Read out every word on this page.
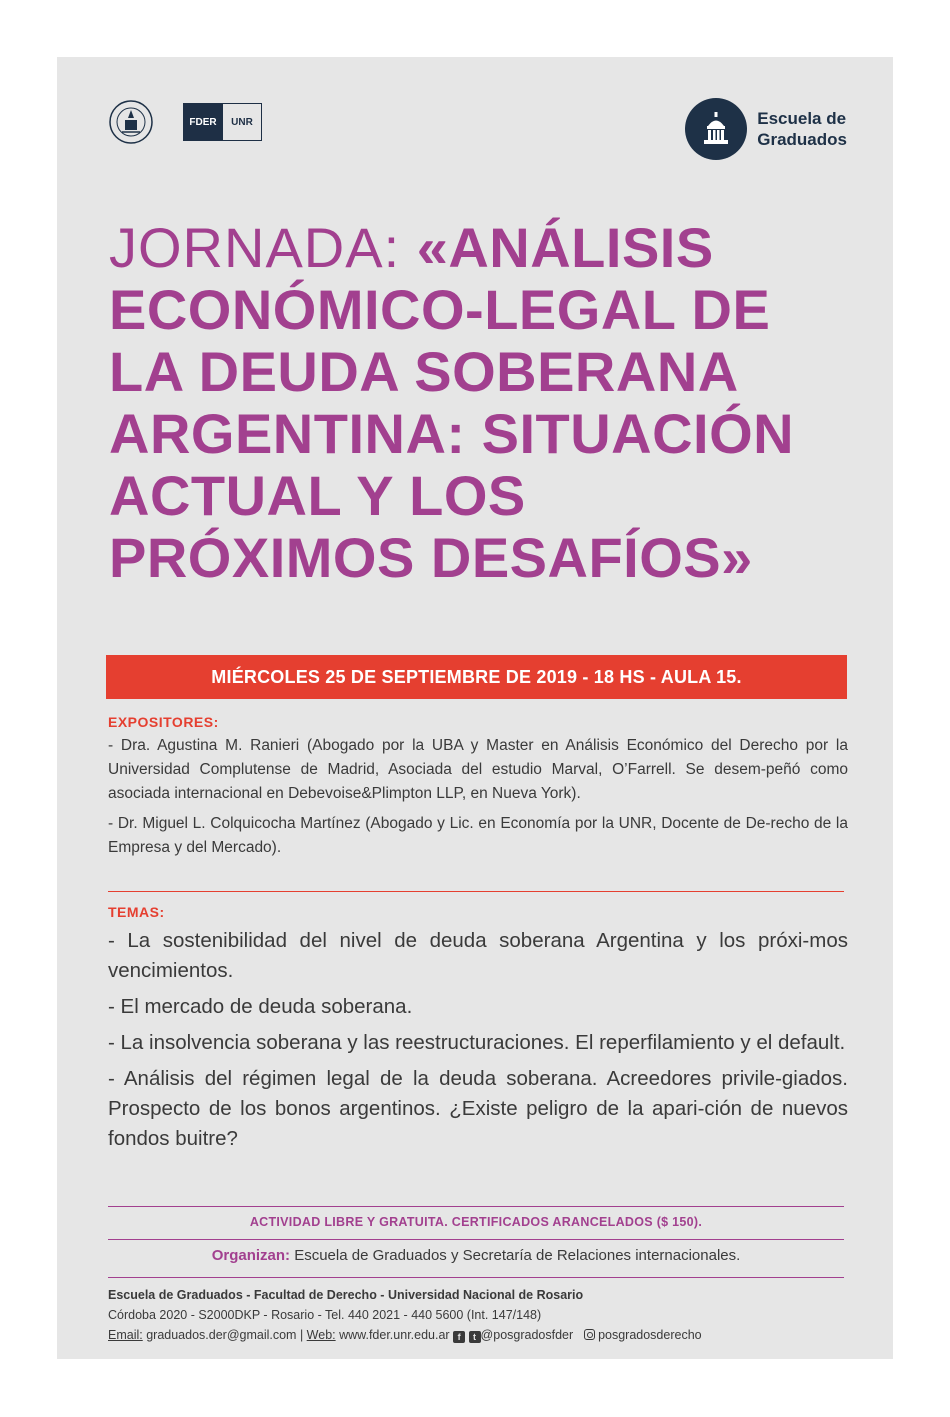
FDER	UNR	Escuela de
Graduados
JORNADA: «ANÁLISIS
ECONÓMICO-LEGAL DE
LA DEUDA SOBERANA
ARGENTINA: SITUACIÓN
ACTUAL Y LOS
PRÓXIMOS DESAFÍOS»
MIÉRCOLES 25 DE SEPTIEMBRE DE 2019 - 18 HS - AULA 15.
EXPOSITORES:
- Dra. Agustina M. Ranieri (Abogado por la UBA y Master en Análisis Económico del Derecho por la Universidad Complutense de Madrid, Asociada del estudio Marval, O’Farrell. Se desem-peñó como asociada internacional en Debevoise&Plimpton LLP, en Nueva York).
- Dr. Miguel L. Colquicocha Martínez (Abogado y Lic. en Economía por la UNR, Docente de De-recho de la Empresa y del Mercado).
TEMAS:
- La sostenibilidad del nivel de deuda soberana Argentina y los próxi-mos vencimientos.
- El mercado de deuda soberana.
- La insolvencia soberana y las reestructuraciones. El reperfilamiento y el default.
- Análisis del régimen legal de la deuda soberana. Acreedores privile-giados. Prospecto de los bonos argentinos. ¿Existe peligro de la apari-ción de nuevos fondos buitre?
ACTIVIDAD LIBRE Y GRATUITA. CERTIFICADOS ARANCELADOS ($ 150).
Organizan: Escuela de Graduados y Secretaría de Relaciones internacionales.
Escuela de Graduados - Facultad de Derecho - Universidad Nacional de Rosario
Córdoba 2020 - S2000DKP - Rosario - Tel. 440 2021 - 440 5600 (Int. 147/148)
Email: graduados.der@gmail.com | Web: www.fder.unr.edu.ar f t @posgradosfder posgradosderecho
